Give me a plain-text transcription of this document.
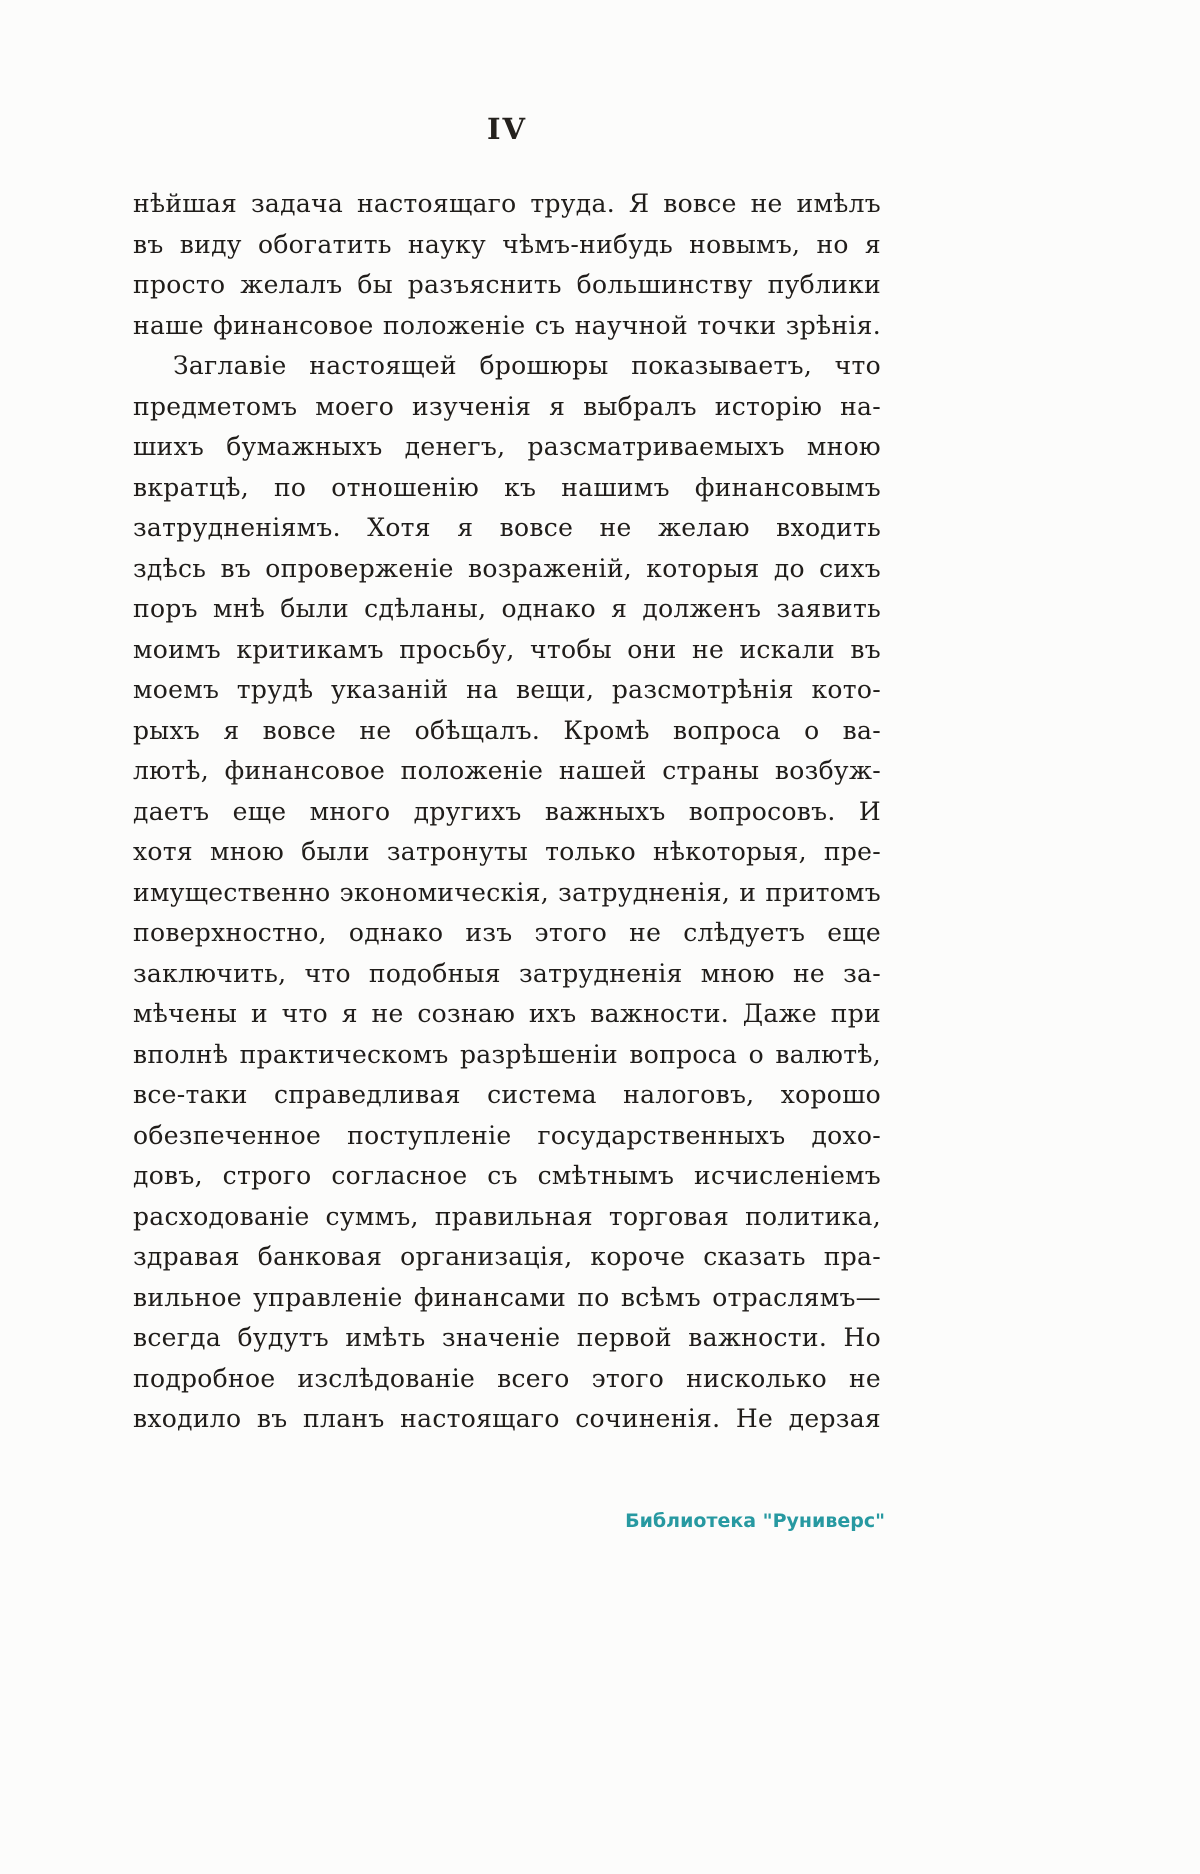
IV
нѣйшая задача настоящаго труда. Я вовсе не имѣлъ
въ виду обогатить науку чѣмъ-нибудь новымъ, но я
просто желалъ бы разъяснить большинству публики
наше финансовое положеніе съ научной точки зрѣнія.
Заглавіе настоящей брошюры показываетъ, что
предметомъ моего изученія я выбралъ исторію на-
шихъ бумажныхъ денегъ, разсматриваемыхъ мною
вкратцѣ, по отношенію къ нашимъ финансовымъ
затрудненіямъ. Хотя я вовсе не желаю входить
здѣсь въ опроверженіе возраженій, которыя до сихъ
поръ мнѣ были сдѣланы, однако я долженъ заявить
моимъ критикамъ просьбу, чтобы они не искали въ
моемъ трудѣ указаній на вещи, разсмотрѣнія кото-
рыхъ я вовсе не обѣщалъ. Кромѣ вопроса о ва-
лютѣ, финансовое положеніе нашей страны возбуж-
даетъ еще много другихъ важныхъ вопросовъ. И
хотя мною были затронуты только нѣкоторыя, пре-
имущественно экономическія, затрудненія, и притомъ
поверхностно, однако изъ этого не слѣдуетъ еще
заключить, что подобныя затрудненія мною не за-
мѣчены и что я не сознаю ихъ важности. Даже при
вполнѣ практическомъ разрѣшеніи вопроса о валютѣ,
все-таки справедливая система налоговъ, хорошо
обезпеченное поступленіе государственныхъ дохо-
довъ, строго согласное съ смѣтнымъ исчисленіемъ
расходованіе суммъ, правильная торговая политика,
здравая банковая организація, короче сказать пра-
вильное управленіе финансами по всѣмъ отраслямъ—
всегда будутъ имѣть значеніе первой важности. Но
подробное изслѣдованіе всего этого нисколько не
входило въ планъ настоящаго сочиненія. Не дерзая
Библиотека "Руниверс"
